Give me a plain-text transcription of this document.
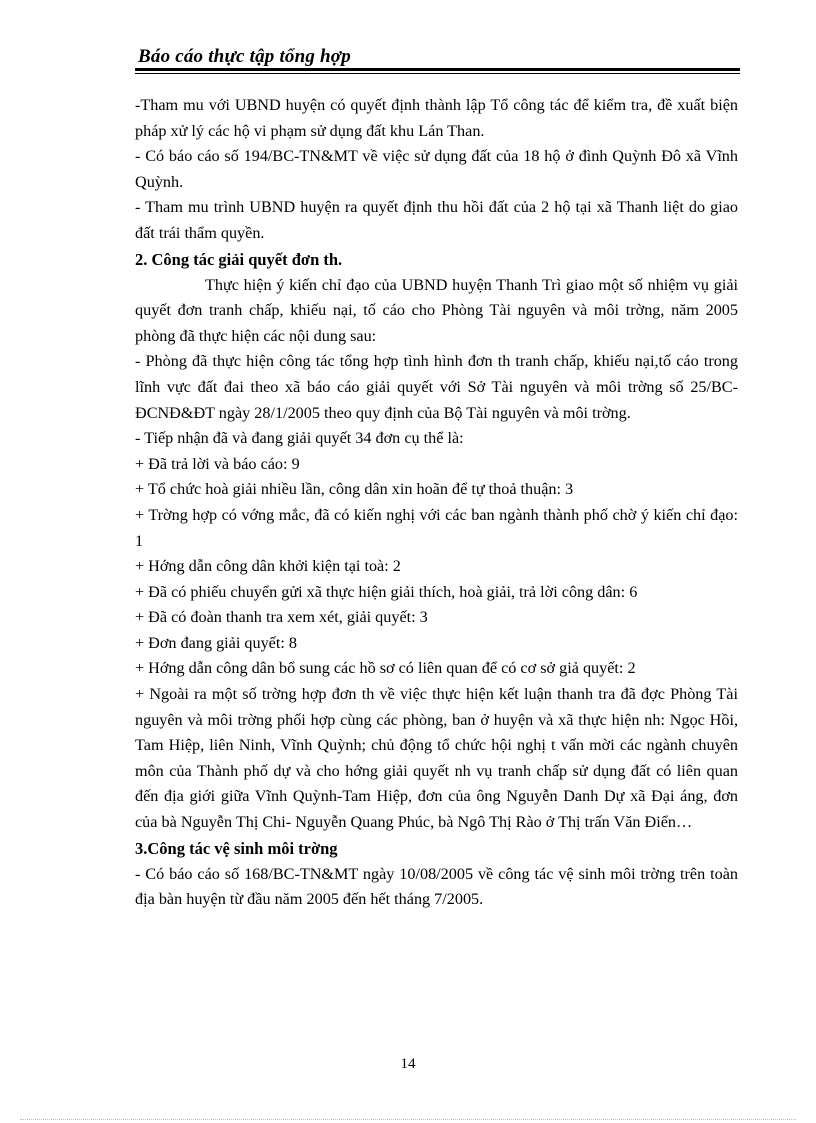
Báo cáo thực tập tổng hợp

-Tham mu với UBND huyện có quyết định thành lập Tổ công tác để kiểm tra, đề xuất biện pháp xử lý các hộ vi phạm sử dụng đất khu Lán Than.

- Có báo cáo số 194/BC-TN&MT về việc sử dụng đất của 18 hộ ở đình Quỳnh Đô xã Vĩnh Quỳnh.

- Tham mu trình UBND huyện ra quyết định thu hồi đất của 2 hộ tại xã Thanh liệt do giao đất trái thẩm quyền.

2. Công tác giải quyết đơn th.

Thực hiện ý kiến chỉ đạo của UBND huyện Thanh Trì giao một số nhiệm vụ giải quyết đơn tranh chấp, khiếu nại, tố cáo cho Phòng Tài nguyên và môi trờng, năm 2005 phòng đã thực hiện các nội dung sau:

- Phòng đã thực hiện công tác tổng hợp tình hình đơn th tranh chấp, khiếu nại,tố cáo trong lĩnh vực đất đai theo xã báo cáo giải quyết với Sở Tài nguyên và môi trờng số 25/BC-ĐCNĐ&ĐT ngày 28/1/2005 theo quy định của Bộ Tài nguyên và môi trờng.

- Tiếp nhận đã và đang giải quyết 34 đơn cụ thể là:

+ Đã trả lời và báo cáo: 9
+ Tổ chức hoà giải nhiều lần, công dân xin hoãn để tự thoả thuận: 3
+ Trờng hợp có vớng mắc, đã có kiến nghị với các ban ngành thành phố chờ ý kiến chỉ đạo: 1
+ Hớng dẫn công dân khởi kiện tại toà: 2
+ Đã có phiếu chuyển gửi xã thực hiện giải thích, hoà giải, trả lời công dân: 6
+ Đã có đoàn thanh tra xem xét, giải quyết: 3
+ Đơn đang giải quyết: 8
+ Hớng dẫn công dân bổ sung các hồ sơ có liên quan để có cơ sở giả quyết: 2
+ Ngoài ra một số trờng hợp đơn th về việc thực hiện kết luận thanh tra đã đợc Phòng Tài nguyên và môi trờng phối hợp cùng các phòng, ban ở huyện và xã thực hiện nh: Ngọc Hồi, Tam Hiệp, liên Ninh, Vĩnh Quỳnh; chủ động tổ chức hội nghị t vấn mời các ngành chuyên môn của Thành phố dự và cho hớng giải quyết nh vụ tranh chấp sử dụng đất có liên quan đến địa giới giữa Vĩnh Quỳnh-Tam Hiệp, đơn của ông Nguyễn Danh Dự xã Đại áng, đơn của bà Nguyễn Thị Chi- Nguyễn Quang Phúc, bà Ngô Thị Rào ở Thị trấn Văn Điển…
3.Công tác vệ sinh môi trờng

- Có báo cáo số 168/BC-TN&MT ngày 10/08/2005 về công tác vệ sinh môi trờng trên toàn địa bàn huyện từ đầu năm 2005 đến hết tháng 7/2005.

14
